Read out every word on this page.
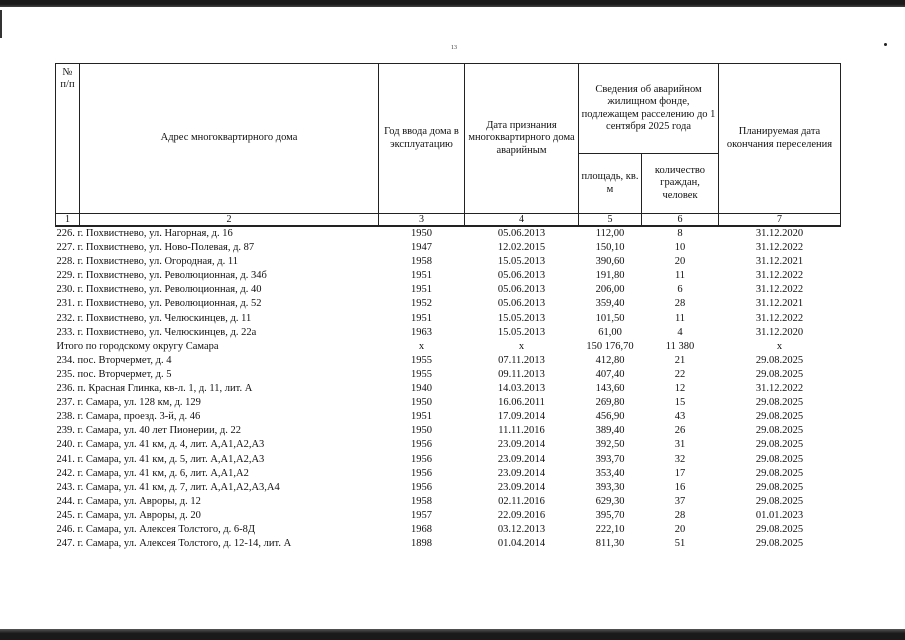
13
№ п/п	Адрес многоквартирного дома	Год ввода дома в эксплуатацию	Дата признания многоквартирного дома аварийным	Сведения об аварийном жилищном фонде, подлежащем расселению до 1 сентября 2025 года		Планируемая дата окончания переселения
				площадь, кв. м	количество граждан, человек	
1	2	3	4	5	6	7
226. г. Похвистнево, ул. Нагорная, д. 16		1950	05.06.2013	112,00	8	31.12.2020
227. г. Похвистнево, ул. Ново-Полевая, д. 87		1947	12.02.2015	150,10	10	31.12.2022
228. г. Похвистнево, ул. Огородная, д. 11		1958	15.05.2013	390,60	20	31.12.2021
229. г. Похвистнево, ул. Революционная, д. 34б		1951	05.06.2013	191,80	11	31.12.2022
230. г. Похвистнево, ул. Революционная, д. 40		1951	05.06.2013	206,00	6	31.12.2022
231. г. Похвистнево, ул. Революционная, д. 52		1952	05.06.2013	359,40	28	31.12.2021
232. г. Похвистнево, ул. Челюскинцев, д. 11		1951	15.05.2013	101,50	11	31.12.2022
233. г. Похвистнево, ул. Челюскинцев, д. 22а		1963	15.05.2013	61,00	4	31.12.2020
Итого по городскому округу Самара		x	x	150 176,70	11 380	x
234. пос. Вторчермет, д. 4		1955	07.11.2013	412,80	21	29.08.2025
235. пос. Вторчермет, д. 5		1955	09.11.2013	407,40	22	29.08.2025
236. п. Красная Глинка, кв-л. 1, д. 11, лит. А		1940	14.03.2013	143,60	12	31.12.2022
237. г. Самара, ул. 128 км, д. 129		1950	16.06.2011	269,80	15	29.08.2025
238. г. Самара, проезд. 3-й, д. 46		1951	17.09.2014	456,90	43	29.08.2025
239. г. Самара, ул. 40 лет Пионерии, д. 22		1950	11.11.2016	389,40	26	29.08.2025
240. г. Самара, ул. 41 км, д. 4, лит. А,А1,А2,А3		1956	23.09.2014	392,50	31	29.08.2025
241. г. Самара, ул. 41 км, д. 5, лит. А,А1,А2,А3		1956	23.09.2014	393,70	32	29.08.2025
242. г. Самара, ул. 41 км, д. 6, лит. А,А1,А2		1956	23.09.2014	353,40	17	29.08.2025
243. г. Самара, ул. 41 км, д. 7, лит. А,А1,А2,А3,А4		1956	23.09.2014	393,30	16	29.08.2025
244. г. Самара, ул. Авроры, д. 12		1958	02.11.2016	629,30	37	29.08.2025
245. г. Самара, ул. Авроры, д. 20		1957	22.09.2016	395,70	28	01.01.2023
246. г. Самара, ул. Алексея Толстого, д. 6-8Д		1968	03.12.2013	222,10	20	29.08.2025
247. г. Самара, ул. Алексея Толстого, д. 12-14, лит. А		1898	01.04.2014	811,30	51	29.08.2025
